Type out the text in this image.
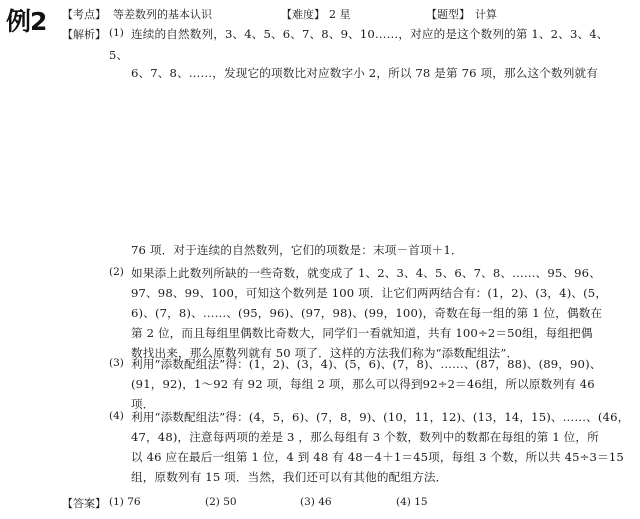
例2 【考点】 等差数列的基本认识	【难度】 2 星	【题型】 计算
【解析】 (1) 连续的自然数列，3、4、5、6、7、8、9、10……，对应的是这个数列的第 1、2、3、4、
5、
6、7、8、……，发现它的项数比对应数字小 2，所以 78 是第 76 项，那么这个数列就有
76 项．对于连续的自然数列，它们的项数是：末项－首项＋1．
(2) 如果添上此数列所缺的一些奇数，就变成了 1、2、3、4、5、6、7、8、……、95、96、
97、98、99、100，可知这个数列是 100 项．让它们两两结合有：(1，2)、(3，4)、(5，
6)、(7，8)、……、(95，96)、(97，98)、(99，100)，奇数在每一组的第 1 位，偶数在
第 2 位，而且每组里偶数比奇数大，同学们一看就知道，共有 100÷2＝50组，每组把偶
数找出来，那么原数列就有 50 项了．这样的方法我们称为“添数配组法”．
(3) 利用“添数配组法”得：(1，2)、(3，4)、(5，6)、(7，8)、……、(87，88)、(89，90)、
(91，92)，1～92 有 92 项，每组 2 项，那么可以得到92÷2＝46组，所以原数列有 46
项．
(4) 利用“添数配组法”得：(4，5，6)、(7，8，9)、(10，11，12)、(13，14，15)、……、(46，
47，48)，注意每两项的差是 3 ，那么每组有 3 个数，数列中的数都在每组的第 1 位，所
以 46 应在最后一组第 1 位，4 到 48 有 48－4＋1＝45项，每组 3 个数，所以共 45÷3＝15
组，原数列有 15 项．当然，我们还可以有其他的配组方法．
【答案】 (1) 76	(2) 50	(3) 46	(4) 15
